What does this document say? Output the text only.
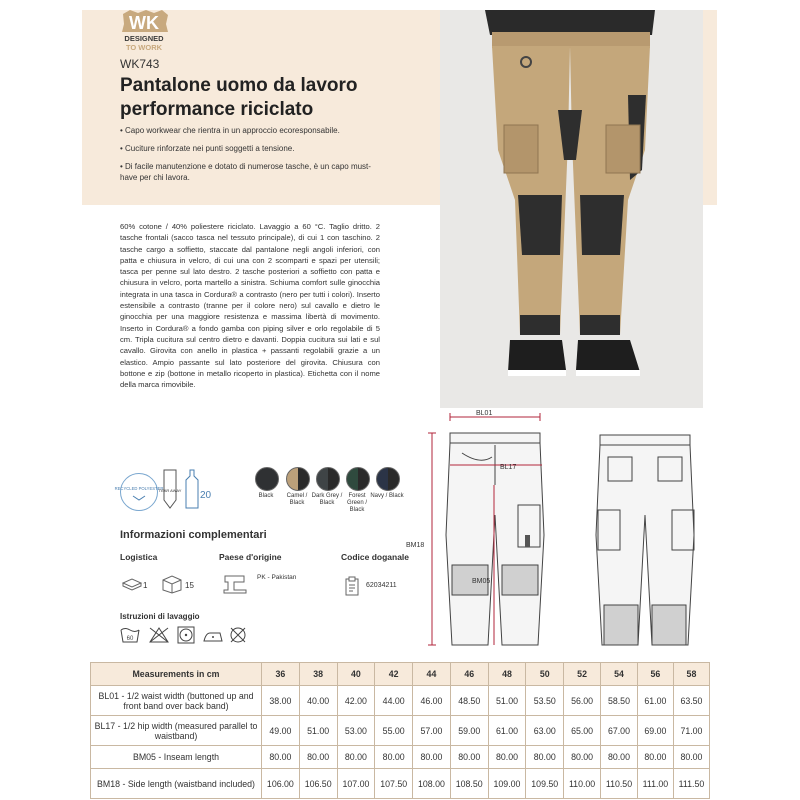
WK
DESIGNED
TO WORK
WK743
Pantalone uomo da lavoro performance riciclato
• Capo workwear che rientra in un approccio ecoresponsabile.
• Cuciture rinforzate nei punti soggetti a tensione.
• Di facile manutenzione e dotato di numerose tasche, è un capo must-have per chi lavora.
60% cotone / 40% poliestere riciclato. Lavaggio a 60 °C. Taglio dritto. 2 tasche frontali (sacco tasca nel tessuto principale), di cui 1 con taschino. 2 tasche cargo a soffietto, staccate dal pantalone negli angoli inferiori, con patta e chiusura in velcro, di cui una con 2 scomparti e spazi per utensili; tasca per penne sul lato destro. 2 tasche posteriori a soffietto con patta e chiusura in velcro, porta martello a sinistra. Schiuma comfort sulle ginocchia integrata in una tasca in Cordura® a contrasto (nero per tutti i colori). Inserto estensibile a contrasto (tranne per il colore nero) sul cavallo e dietro le ginocchia per una maggiore resistenza e massima libertà di movimento. Inserto in Cordura® a fondo gamba con piping silver e orlo regolabile di 5 cm. Tripla cucitura sul centro dietro e davanti. Doppia cucitura sui lati e sul cavallo. Girovita con anello in plastica + passanti regolabili grazie a un elastico. Ampio passante sul lato posteriore del girovita. Chiusura con bottone e zip (bottone in metallo ricoperto in plastica). Etichetta con il nome della marca rimovibile.
RECYCLED POLYESTER
TEAR AWAY 20	Black	Camel / Black
Dark Grey / Black
Forest Green / Black
Navy / Black
Informazioni complementari
Logistica	Paese d'origine	Codice doganale
1	15
PK - Pakistan
62034211
Istruzioni di lavaggio
60
BL01
BL17
BM18
BM05
Measurements in cm	36	38	40	42	44	46	48	50	52	54	56	58
BL01 - 1/2 waist width (buttoned up and front band over back band)	38.00	40.00	42.00	44.00	46.00	48.50	51.00	53.50	56.00	58.50	61.00	63.50
BL17 - 1/2 hip width (measured parallel to waistband)	49.00	51.00	53.00	55.00	57.00	59.00	61.00	63.00	65.00	67.00	69.00	71.00
BM05 - Inseam length	80.00	80.00	80.00	80.00	80.00	80.00	80.00	80.00	80.00	80.00	80.00	80.00
BM18 - Side length (waistband included)	106.00	106.50	107.00	107.50	108.00	108.50	109.00	109.50	110.00	110.50	111.00	111.50
